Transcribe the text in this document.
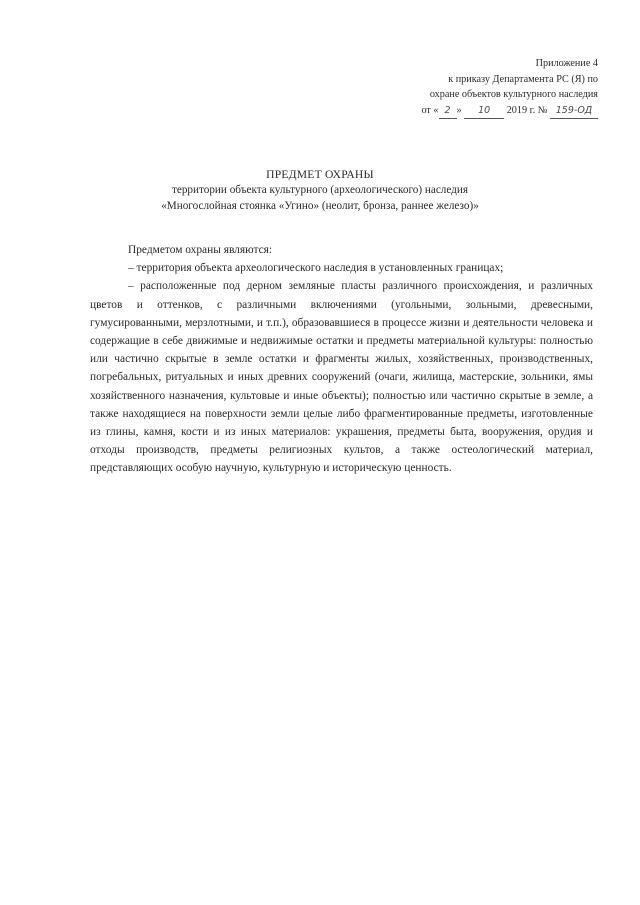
Приложение 4
к приказу Департамента РС (Я) по
охране объектов культурного наследия
от « 2 » 10 2019 г. № 159-ОД
ПРЕДМЕТ ОХРАНЫ
территории объекта культурного (археологического) наследия
«Многослойная стоянка «Угино» (неолит, бронза, раннее железо)»
Предметом охраны являются:
– территория объекта археологического наследия в установленных границах;
– расположенные под дерном земляные пласты различного происхождения, и различных цветов и оттенков, с различными включениями (угольными, зольными, древесными, гумусированными, мерзлотными, и т.п.), образовавшиеся в процессе жизни и деятельности человека и содержащие в себе движимые и недвижимые остатки и предметы материальной культуры: полностью или частично скрытые в земле остатки и фрагменты жилых, хозяйственных, производственных, погребальных, ритуальных и иных древних сооружений (очаги, жилища, мастерские, зольники, ямы хозяйственного назначения, культовые и иные объекты); полностью или частично скрытые в земле, а также находящиеся на поверхности земли целые либо фрагментированные предметы, изготовленные из глины, камня, кости и из иных материалов: украшения, предметы быта, вооружения, орудия и отходы производств, предметы религиозных культов, а также остеологический материал, представляющих особую научную, культурную и историческую ценность.
